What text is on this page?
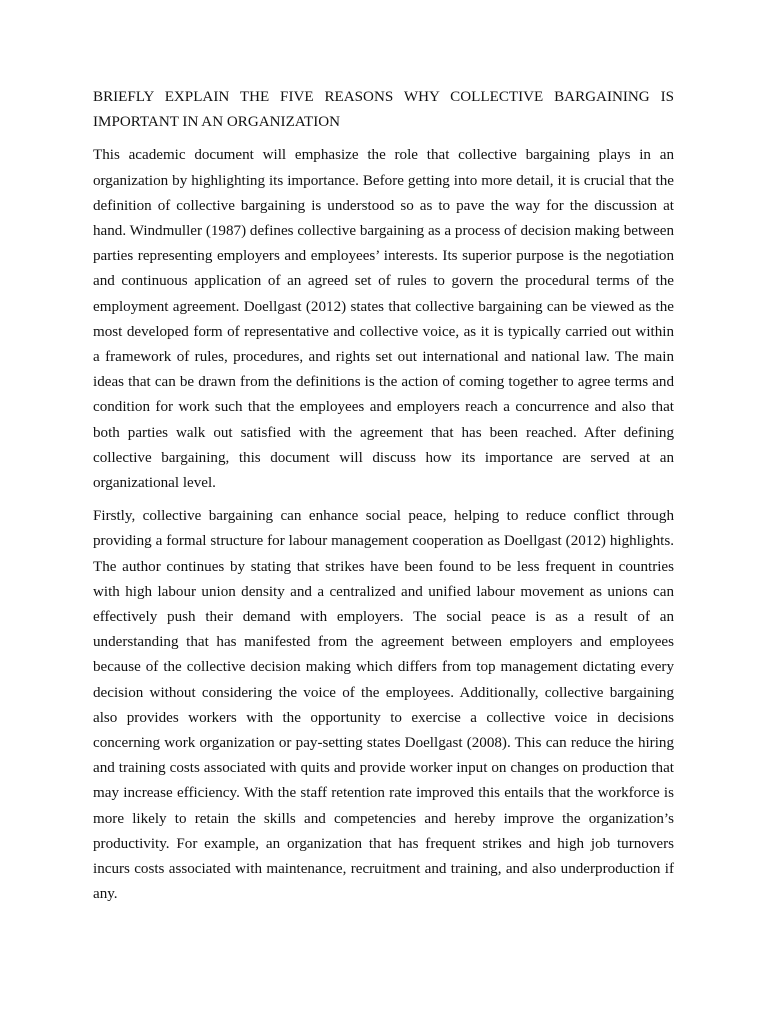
BRIEFLY EXPLAIN THE FIVE REASONS WHY COLLECTIVE BARGAINING IS IMPORTANT IN AN ORGANIZATION

This academic document will emphasize the role that collective bargaining plays in an organization by highlighting its importance. Before getting into more detail, it is crucial that the definition of collective bargaining is understood so as to pave the way for the discussion at hand. Windmuller (1987) defines collective bargaining as a process of decision making between parties representing employers and employees’ interests. Its superior purpose is the negotiation and continuous application of an agreed set of rules to govern the procedural terms of the employment agreement. Doellgast (2012) states that collective bargaining can be viewed as the most developed form of representative and collective voice, as it is typically carried out within a framework of rules, procedures, and rights set out international and national law. The main ideas that can be drawn from the definitions is the action of coming together to agree terms and condition for work such that the employees and employers reach a concurrence and also that both parties walk out satisfied with the agreement that has been reached. After defining collective bargaining, this document will discuss how its importance are served at an organizational level.

Firstly, collective bargaining can enhance social peace, helping to reduce conflict through providing a formal structure for labour management cooperation as Doellgast (2012) highlights. The author continues by stating that strikes have been found to be less frequent in countries with high labour union density and a centralized and unified labour movement as unions can effectively push their demand with employers. The social peace is as a result of an understanding that has manifested from the agreement between employers and employees because of the collective decision making which differs from top management dictating every decision without considering the voice of the employees. Additionally, collective bargaining also provides workers with the opportunity to exercise a collective voice in decisions concerning work organization or pay-setting states Doellgast (2008). This can reduce the hiring and training costs associated with quits and provide worker input on changes on production that may increase efficiency. With the staff retention rate improved this entails that the workforce is more likely to retain the skills and competencies and hereby improve the organization’s productivity. For example, an organization that has frequent strikes and high job turnovers incurs costs associated with maintenance, recruitment and training, and also underproduction if any.
